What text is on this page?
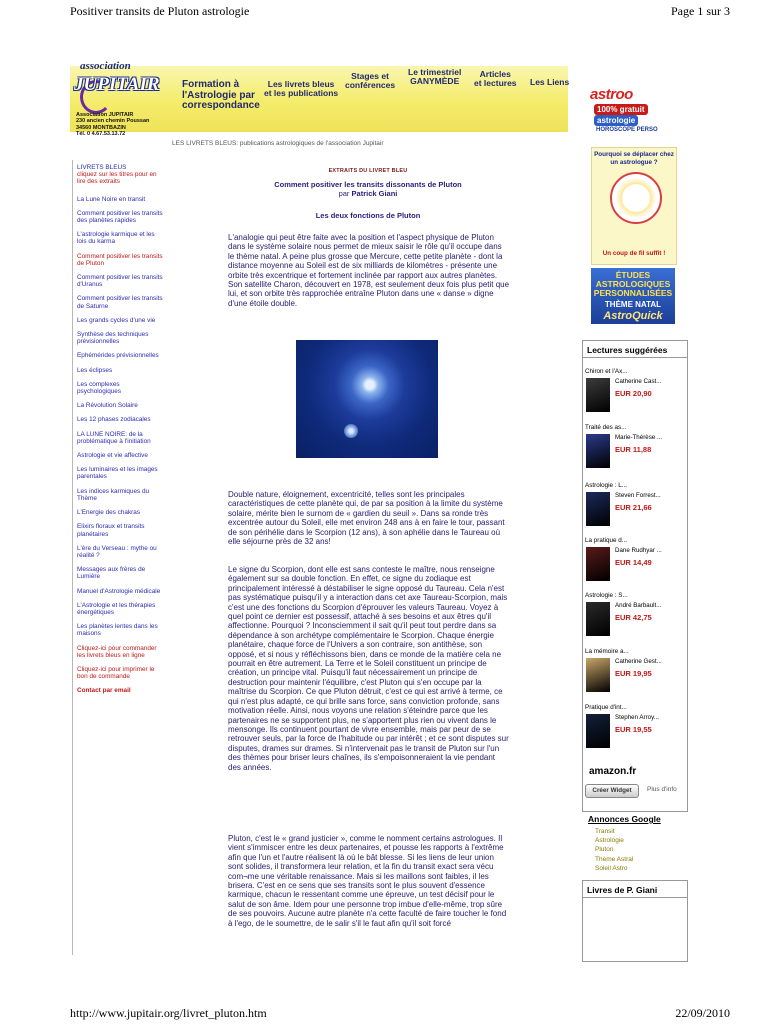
Positiver transits de Pluton astrologie	Page 1 sur 3
http://www.jupitair.org/livret_pluton.htm	22/09/2010
association
JUPITAIR
Association JUPITAIR
230 ancien chemin Poussan
34560 MONTBAZIN
Tél. 0 4.67.53.13.72
Formation à
l'Astrologie par
correspondance
Les livrets bleus
et les publications
Stages et
conférences
Le trimestriel
GANYMÈDE
Articles
et lectures Les Liens
LES LIVRETS BLEUS: publications astrologiques de l'association Jupitair
LIVRETS BLEUS
cliquez sur les titres pour en lire des extraits
La Lune Noire en transit
Comment positiver les transits des planètes rapides
L'astrologie karmique et les lois du karma
Comment positiver les transits de Pluton
Comment positiver les transits d'Uranus
Comment positiver les transits de Saturne
Les grands cycles d'une vie
Synthèse des techniques prévisionnelles
Ephémérides prévisionnelles
Les éclipses
Les complexes psychologiques
La Révolution Solaire
Les 12 phases zodiacales
LA LUNE NOIRE: de la problématique à l'initiation
Astrologie et vie affective
Les luminaires et les images parentales
Les indices karmiques du Thème
L'Energie des chakras
Elixirs floraux et transits planétaires
L'ère du Verseau : mythe ou réalité ?
Messages aux frères de Lumière
Manuel d'Astrologie médicale
L'Astrologie et les thérapies énergétiques
Les planètes lentes dans les maisons
Cliquez-ici pour commander les livrets bleus en ligne
Cliquez-ici pour imprimer le bon de commande
Contact par email
EXTRAITS DU LIVRET BLEU
Comment positiver les transits dissonants de Pluton
par Patrick Giani
Les deux fonctions de Pluton

L'analogie qui peut être faite avec la position et l'aspect physique de Pluton dans le système solaire nous permet de mieux saisir le rôle qu'il occupe dans le thème natal. A peine plus grosse que Mercure, cette petite planète - dont la distance moyenne au Soleil est de six milliards de kilomètres - présente une orbite très excentrique et fortement inclinée par rapport aux autres planètes. Son satellite Charon, découvert en 1978, est seulement deux fois plus petit que lui, et son orbite très rapprochée entraîne Pluton dans une « danse » digne d'une étoile double.

Double nature, éloignement, excentricité, telles sont les principales caractéristiques de cette planète qui, de par sa position à la limite du système solaire, mérite bien le surnom de « gardien du seuil ». Dans sa ronde très excentrée autour du Soleil, elle met environ 248 ans à en faire le tour, passant de son périhélie dans le Scorpion (12 ans), à son aphélie dans le Taureau où elle séjourne près de 32 ans!

Le signe du Scorpion, dont elle est sans conteste le maître, nous renseigne également sur sa double fonction. En effet, ce signe du zodiaque est principalement intéressé à déstabiliser le signe opposé du Taureau. Cela n'est pas systématique puisqu'il y a interaction dans cet axe Taureau-Scorpion, mais c'est une des fonctions du Scorpion d'éprouver les valeurs Taureau. Voyez à quel point ce dernier est possessif, attaché à ses besoins et aux êtres qu'il affectionne. Pourquoi ? Inconsciemment il sait qu'il peut tout perdre dans sa dépendance à son archétype complémentaire le Scorpion. Chaque énergie planétaire, chaque force de l'Univers a son contraire, son antithèse, son opposé, et si nous y réfléchissons bien, dans ce monde de la matière cela ne pourrait en être autrement. La Terre et le Soleil constituent un principe de création, un principe vital. Puisqu'il faut nécessairement un principe de destruction pour maintenir l'équilibre, c'est Pluton qui s'en occupe par la maîtrise du Scorpion. Ce que Pluton détruit, c'est ce qui est arrivé à terme, ce qui n'est plus adapté, ce qui brille sans force, sans conviction profonde, sans motivation réelle. Ainsi, nous voyons une relation s'éteindre parce que les partenaires ne se supportent plus, ne s'apportent plus rien ou vivent dans le mensonge. Ils continuent pourtant de vivre ensemble, mais par peur de se retrouver seuls, par la force de l'habitude ou par intérêt ; et ce sont disputes sur disputes, drames sur drames. Si n'intervenait pas le transit de Pluton sur l'un des thèmes pour briser leurs chaînes, ils s'empoisonneraient la vie pendant des années.

Pluton, c'est le « grand justicier », comme le nomment certains astrologues. Il vient s'immiscer entre les deux partenaires, et pousse les rapports à l'extrême afin que l'un et l'autre réalisent là où le bât blesse. Si les liens de leur union sont solides, il transformera leur relation, et la fin du transit exact sera vécu com¬me une véritable renaissance. Mais si les maillons sont faibles, il les brisera. C'est en ce sens que ses transits sont le plus souvent d'essence karmique, chacun le ressentant comme une épreuve, un test décisif pour le salut de son âme. Idem pour une personne trop imbue d'elle-même, trop sûre de ses pouvoirs. Aucune autre planète n'a cette faculté de faire toucher le fond à l'ego, de le soumettre, de le salir s'il le faut afin qu'il soit forcé

astroo
100% gratuit
astrologie
HOROSCOPE PERSO
Pourquoi se déplacer chez un astrologue ?
Un coup de fil suffit !
ÉTUDES ASTROLOGIQUES PERSONNALISÉES
THÈME NATAL
AstroQuick
Lectures suggérées
Chiron et l'Ax...
Catherine Cast...
EUR 20,90
Traité des as...
Marie-Thérèse ...
EUR 11,88
Astrologie : L...
Steven Forrest...
EUR 21,66
La pratique d...
Dane Rudhyar ...
EUR 14,49
Astrologie : S...
André Barbault...
EUR 42,75
La mémoire a...
Catherine Gest...
EUR 19,95
Pratique d'int...
Stephen Arroy...
EUR 19,55
amazon.fr
Créer Widget	Plus d'info
Annonces Google
Transit
Astrologie
Pluton
Thème Astral
Soleil Astro
Livres de P. Giani
